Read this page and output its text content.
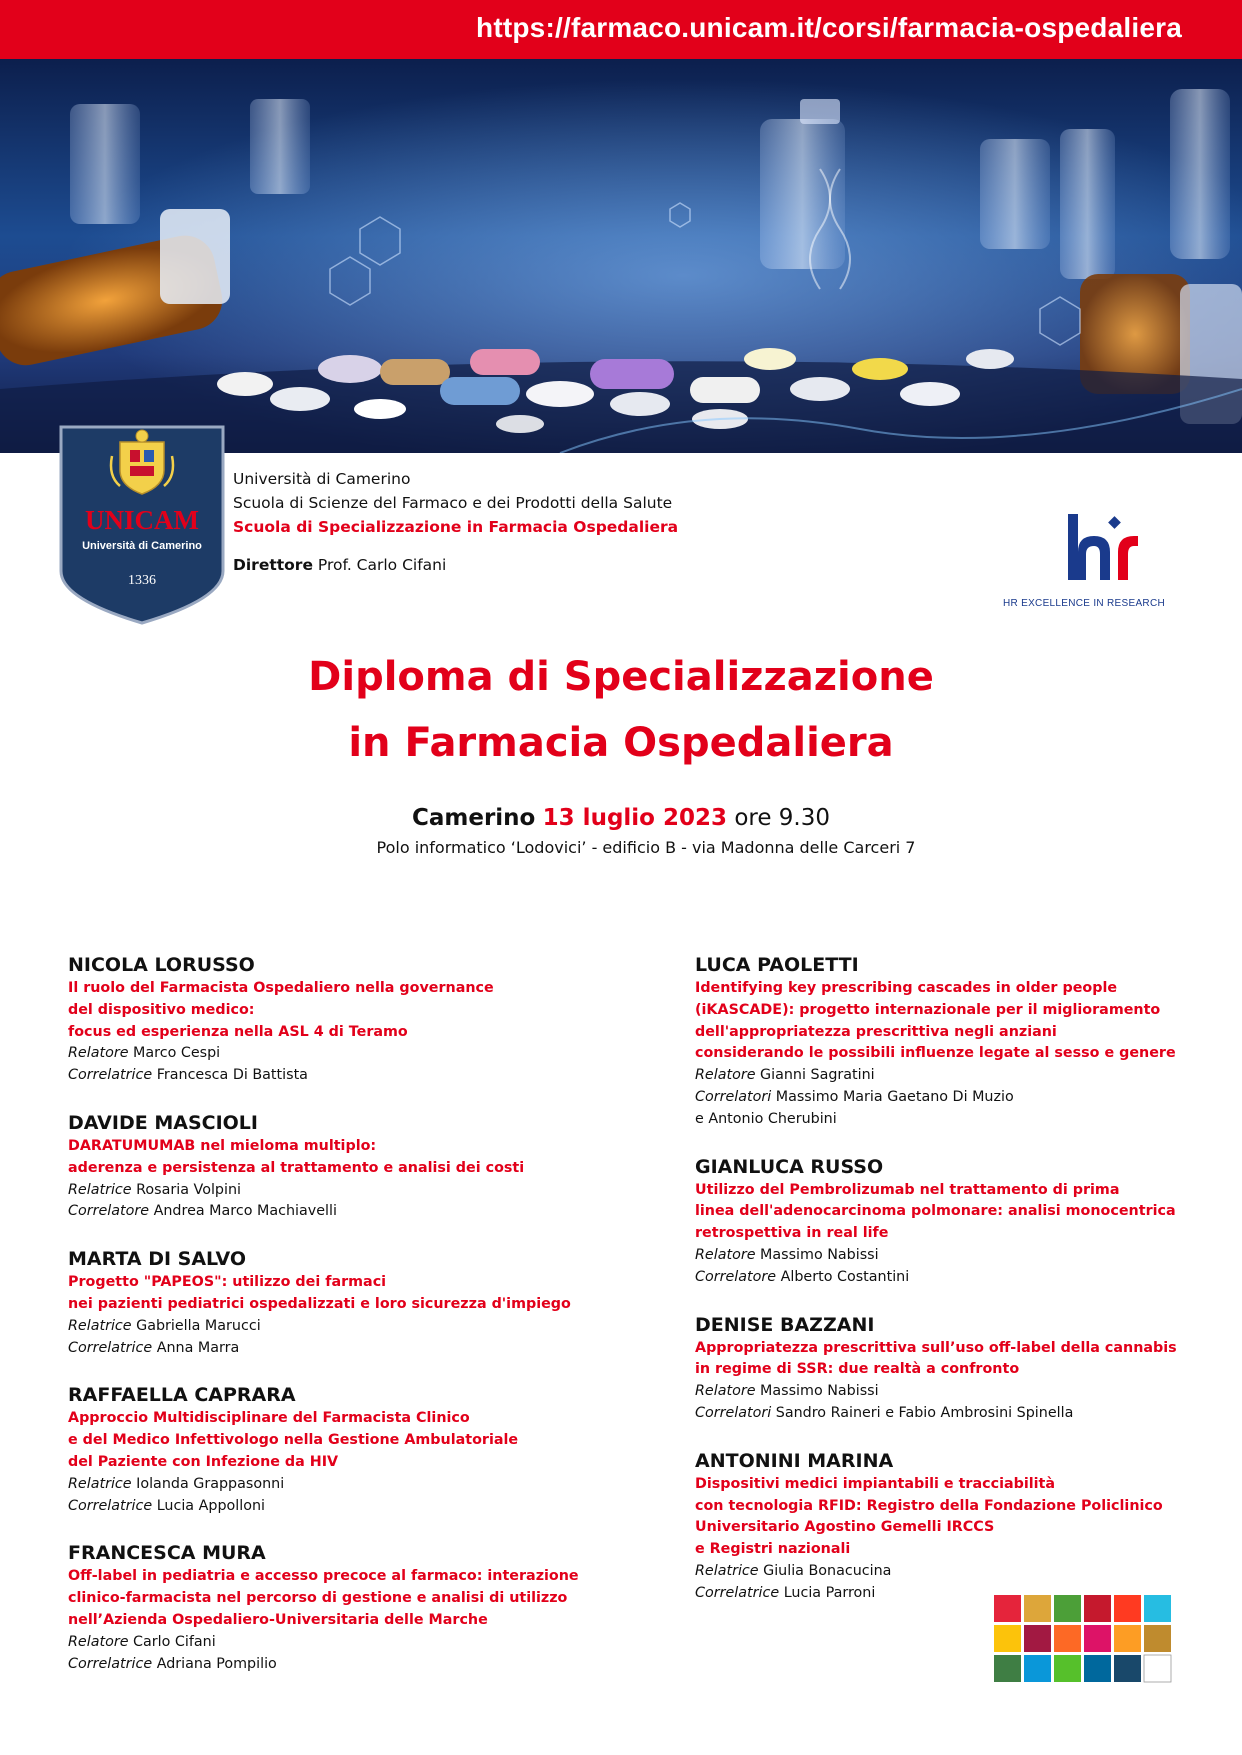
https://farmaco.unicam.it/corsi/farmacia-ospedaliera
UNICAM
Università di Camerino
1336
Università di Camerino
Scuola di Scienze del Farmaco e dei Prodotti della Salute
Scuola di Specializzazione in Farmacia Ospedaliera
Direttore Prof. Carlo Cifani
HR EXCELLENCE IN RESEARCH
Diploma di Specializzazione
in Farmacia Ospedaliera
Camerino 13 luglio 2023 ore 9.30
Polo informatico ‘Lodovici’ - edificio B - via Madonna delle Carceri 7
NICOLA LORUSSO
Il ruolo del Farmacista Ospedaliero nella governance
del dispositivo medico:
focus ed esperienza nella ASL 4 di Teramo
Relatore Marco Cespi
Correlatrice Francesca Di Battista
DAVIDE MASCIOLI
DARATUMUMAB nel mieloma multiplo:
aderenza e persistenza al trattamento e analisi dei costi
Relatrice Rosaria Volpini
Correlatore Andrea Marco Machiavelli
MARTA DI SALVO
Progetto "PAPEOS": utilizzo dei farmaci
nei pazienti pediatrici ospedalizzati e loro sicurezza d'impiego
Relatrice Gabriella Marucci
Correlatrice Anna Marra
RAFFAELLA CAPRARA
Approccio Multidisciplinare del Farmacista Clinico
e del Medico Infettivologo nella Gestione Ambulatoriale
del Paziente con Infezione da HIV
Relatrice Iolanda Grappasonni
Correlatrice Lucia Appolloni
FRANCESCA MURA
Off-label in pediatria e accesso precoce al farmaco: interazione
clinico-farmacista nel percorso di gestione e analisi di utilizzo
nell’Azienda Ospedaliero-Universitaria delle Marche
Relatore Carlo Cifani
Correlatrice Adriana Pompilio
LUCA PAOLETTI
Identifying key prescribing cascades in older people
(iKASCADE): progetto internazionale per il miglioramento
dell'appropriatezza prescrittiva negli anziani
considerando le possibili influenze legate al sesso e genere
Relatore Gianni Sagratini
Correlatori Massimo Maria Gaetano Di Muzio
e Antonio Cherubini
GIANLUCA RUSSO
Utilizzo del Pembrolizumab nel trattamento di prima
linea dell'adenocarcinoma polmonare: analisi monocentrica
retrospettiva in real life
Relatore Massimo Nabissi
Correlatore Alberto Costantini
DENISE BAZZANI
Appropriatezza prescrittiva sull’uso off-label della cannabis
in regime di SSR: due realtà a confronto
Relatore Massimo Nabissi
Correlatori Sandro Raineri e Fabio Ambrosini Spinella
ANTONINI MARINA
Dispositivi medici impiantabili e tracciabilità
con tecnologia RFID: Registro della Fondazione Policlinico
Universitario Agostino Gemelli IRCCS
e Registri nazionali
Relatrice Giulia Bonacucina
Correlatrice Lucia Parroni
